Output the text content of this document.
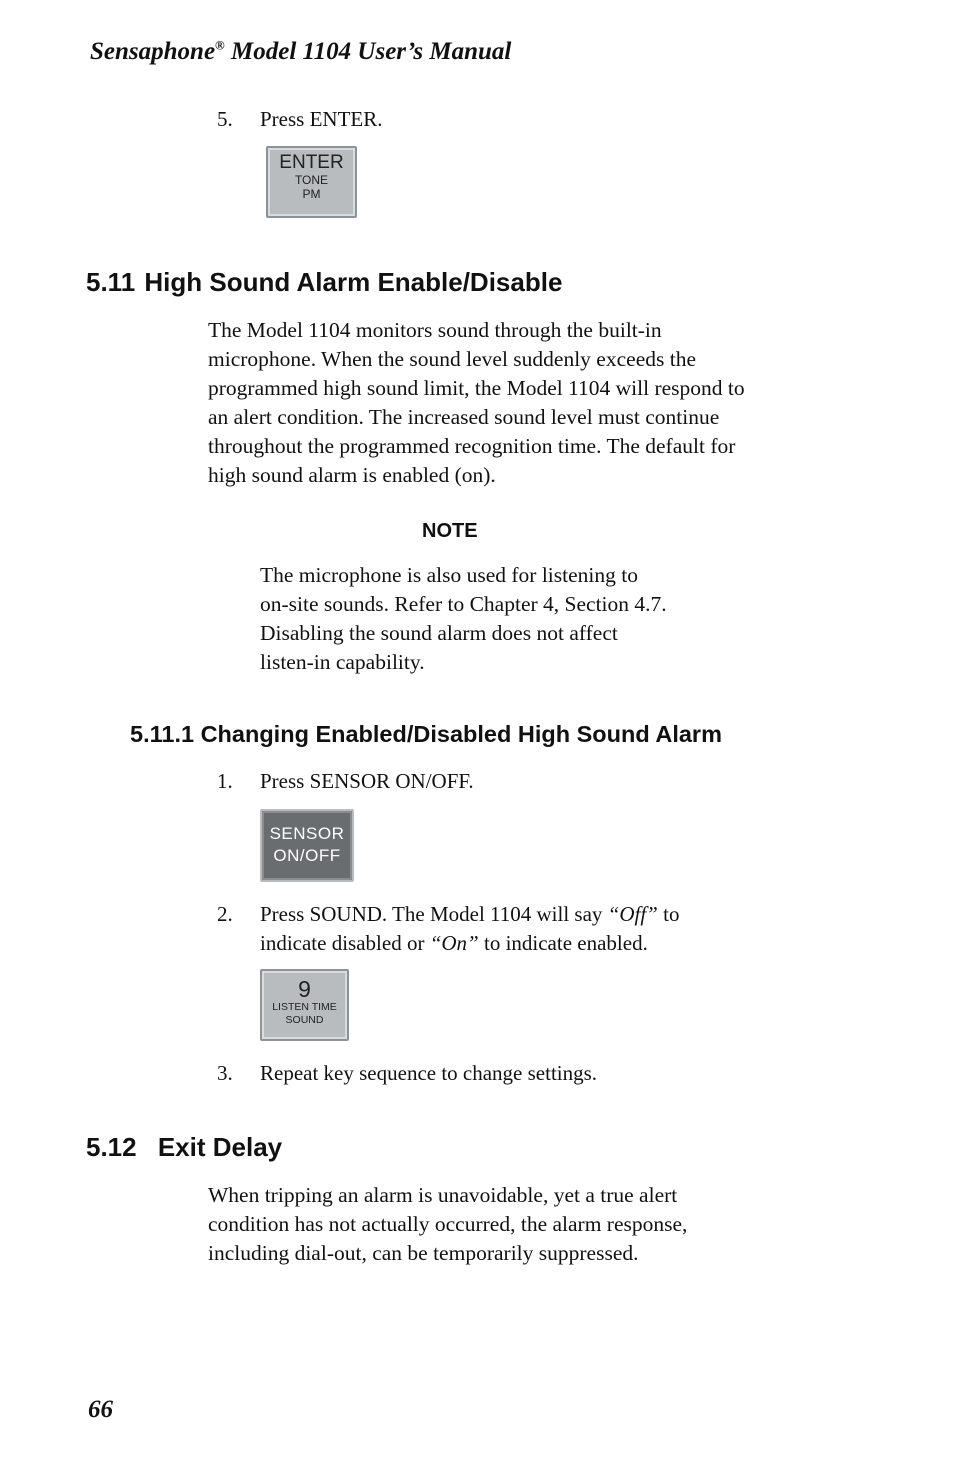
Sensaphone® Model 1104 User’s Manual
5. Press ENTER.
ENTER
TONE
PM
5.11 High Sound Alarm Enable/Disable
The Model 1104 monitors sound through the built-in
microphone. When the sound level suddenly exceeds the
programmed high sound limit, the Model 1104 will respond to
an alert condition. The increased sound level must continue
throughout the programmed recognition time. The default for
high sound alarm is enabled (on).
NOTE
The microphone is also used for listening to
on-site sounds. Refer to Chapter 4, Section 4.7.
Disabling the sound alarm does not affect
listen-in capability.
5.11.1 Changing Enabled/Disabled High Sound Alarm
1. Press SENSOR ON/OFF.
SENSOR
ON/OFF
2. Press SOUND. The Model 1104 will say “Off” to
indicate disabled or “On” to indicate enabled.
9
LISTEN TIME
SOUND
3. Repeat key sequence to change settings.
5.12 Exit Delay
When tripping an alarm is unavoidable, yet a true alert
condition has not actually occurred, the alarm response,
including dial-out, can be temporarily suppressed.
66
